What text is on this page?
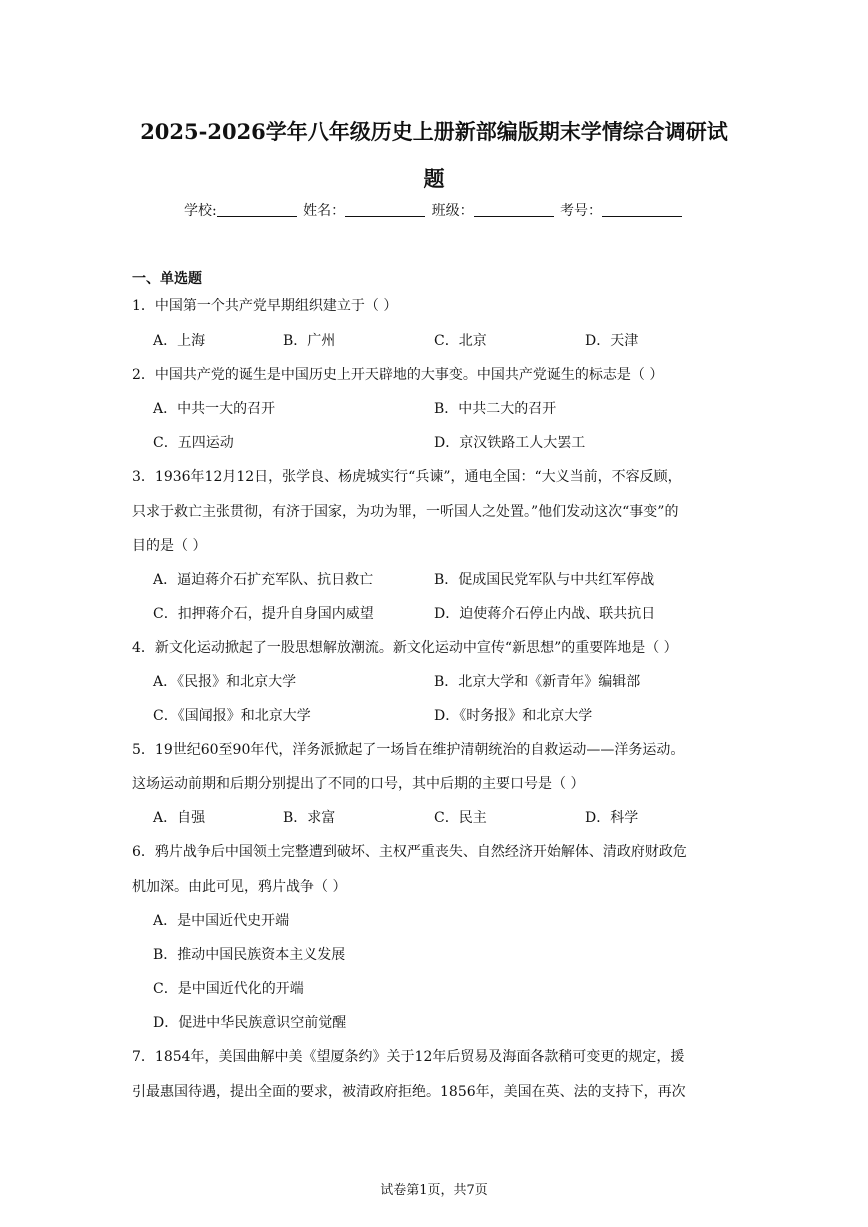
2025-2026学年八年级历史上册新部编版期末学情综合调研试
题
学校:	姓名：	班级：	考号：
一、单选题
1．中国第一个共产党早期组织建立于（ ）
A．上海	B．广州	C．北京	D．天津
2．中国共产党的诞生是中国历史上开天辟地的大事变。中国共产党诞生的标志是（ ）
A．中共一大的召开	B．中共二大的召开
C．五四运动	D．京汉铁路工人大罢工
3．1936年12月12日，张学良、杨虎城实行“兵谏”，通电全国：“大义当前，不容反顾，
只求于救亡主张贯彻，有济于国家，为功为罪，一听国人之处置。”他们发动这次“事变”的
目的是（ ）
A．逼迫蒋介石扩充军队、抗日救亡	B．促成国民党军队与中共红军停战
C．扣押蒋介石，提升自身国内威望	D．迫使蒋介石停止内战、联共抗日
4．新文化运动掀起了一股思想解放潮流。新文化运动中宣传“新思想”的重要阵地是（ ）
A．《民报》和北京大学	B．北京大学和《新青年》编辑部
C．《国闻报》和北京大学	D．《时务报》和北京大学
5．19世纪60至90年代，洋务派掀起了一场旨在维护清朝统治的自救运动——洋务运动。
这场运动前期和后期分别提出了不同的口号，其中后期的主要口号是（ ）
A．自强	B．求富	C．民主	D．科学
6．鸦片战争后中国领土完整遭到破坏、主权严重丧失、自然经济开始解体、清政府财政危
机加深。由此可见，鸦片战争（ ）
A．是中国近代史开端
B．推动中国民族资本主义发展
C．是中国近代化的开端
D．促进中华民族意识空前觉醒
7．1854年，美国曲解中美《望厦条约》关于12年后贸易及海面各款稍可变更的规定，援
引最惠国待遇，提出全面的要求，被清政府拒绝。1856年，美国在英、法的支持下，再次
试卷第1页，共7页
